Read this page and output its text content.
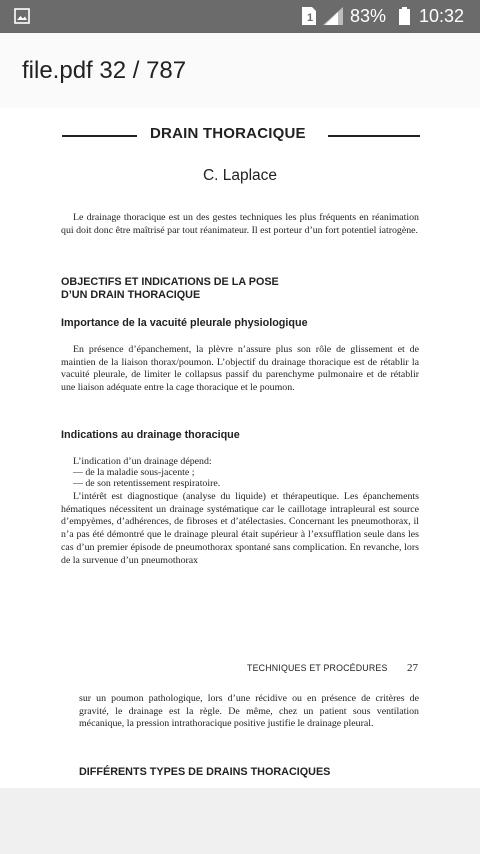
1 83% 10:32
file.pdf 32 / 787
DRAIN THORACIQUE
C. Laplace

Le drainage thoracique est un des gestes techniques les plus fréquents en réanimation qui doit donc être maîtrisé par tout réanimateur. Il est porteur d’un fort potentiel iatrogène.

OBJECTIFS ET INDICATIONS DE LA POSE
D’UN DRAIN THORACIQUE
Importance de la vacuité pleurale physiologique

En présence d’épanchement, la plèvre n’assure plus son rôle de glissement et de maintien de la liaison thorax/poumon. L’objectif du drainage thoracique est de rétablir la vacuité pleurale, de limiter le collapsus passif du parenchyme pulmonaire et de rétablir une liaison adéquate entre la cage thoracique et le poumon.

Indications au drainage thoracique

L’indication d’un drainage dépend:

— de la maladie sous-jacente ;
— de son retentissement respiratoire.

L’intérêt est diagnostique (analyse du liquide) et thérapeutique. Les épanchements hématiques nécessitent un drainage systématique car le caillotage intrapleural est source d’empyèmes, d’adhérences, de fibroses et d’atélectasies. Concernant les pneumothorax, il n’a pas été démontré que le drainage pleural était supérieur à l’exsufflation seule dans les cas d’un premier épisode de pneumothorax spontané sans complication. En revanche, lors de la survenue d’un pneumothorax

TECHNIQUES ET PROCÉDURES 27

sur un poumon pathologique, lors d’une récidive ou en présence de critères de gravité, le drainage est la règle. De même, chez un patient sous ventilation mécanique, la pression intrathoracique positive justifie le drainage pleural.

DIFFÉRENTS TYPES DE DRAINS THORACIQUES
